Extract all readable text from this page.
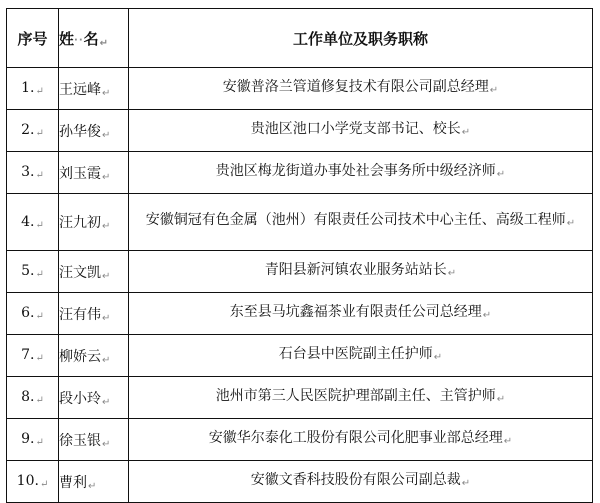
序号	姓··名↵	工作单位及职务职称
1.↵	王远峰↵	安徽普洛兰管道修复技术有限公司副总经理↵
2.↵	孙华俊↵	贵池区池口小学党支部书记、校长↵
3.↵	刘玉霞↵	贵池区梅龙街道办事处社会事务所中级经济师↵
4.↵	汪九初↵	安徽铜冠有色金属（池州）有限责任公司技术中心主任、高级工程师↵
5.↵	汪文凯↵	青阳县新河镇农业服务站站长↵
6.↵	汪有伟↵	东至县马坑鑫福茶业有限责任公司总经理↵
7.↵	柳娇云↵	石台县中医院副主任护师↵
8.↵	段小玲↵	池州市第三人民医院护理部副主任、主管护师↵
9.↵	徐玉银↵	安徽华尔泰化工股份有限公司化肥事业部总经理↵
10.↵	曹利↵	安徽文香科技股份有限公司副总裁↵
